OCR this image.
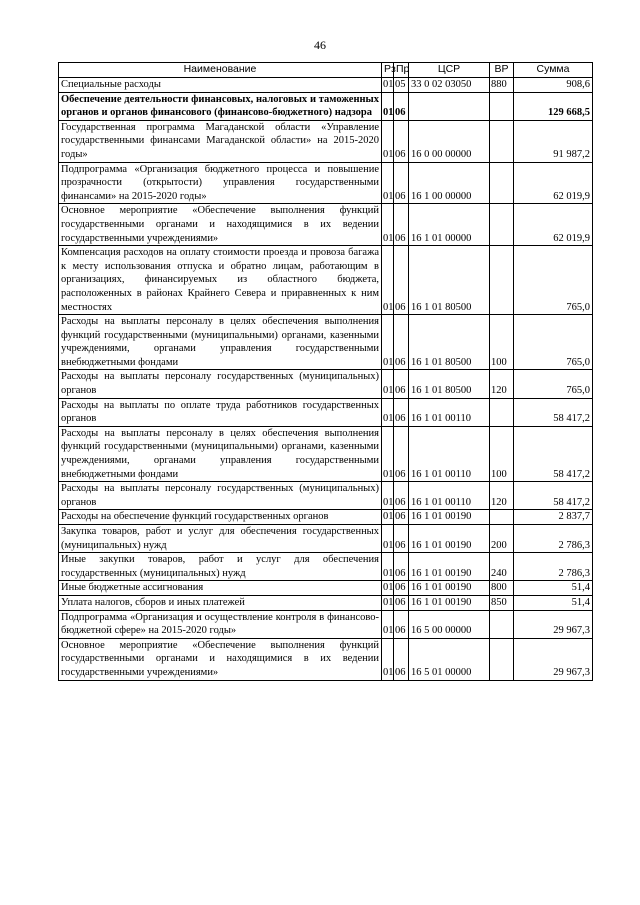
46
Наименование	Рз	Пр	ЦСР	ВР	Сумма
Специальные расходы	01	05	33 0 02 03050	880	908,6
Обеспечение деятельности финансовых, налоговых и таможенных органов и органов финансового (финансово-бюджетного) надзора	01	06			129 668,5
Государственная программа Магаданской области «Управление государственными финансами Магаданской области» на 2015-2020 годы»	01	06	16 0 00 00000		91 987,2
Подпрограмма «Организация бюджетного процесса и повышение прозрачности (открытости) управления государственными финансами» на 2015-2020 годы»	01	06	16 1 00 00000		62 019,9
Основное мероприятие «Обеспечение выполнения функций государственными органами и находящимися в их ведении государственными учреждениями»	01	06	16 1 01 00000		62 019,9
Компенсация расходов на оплату стоимости проезда и провоза багажа к месту использования отпуска и обратно лицам, работающим в организациях, финансируемых из областного бюджета, расположенных в районах Крайнего Севера и приравненных к ним местностях	01	06	16 1 01 80500		765,0
Расходы на выплаты персоналу в целях обеспечения выполнения функций государственными (муниципальными) органами, казенными учреждениями, органами управления государственными внебюджетными фондами	01	06	16 1 01 80500	100	765,0
Расходы на выплаты персоналу государственных (муниципальных) органов	01	06	16 1 01 80500	120	765,0
Расходы на выплаты по оплате труда работников государственных органов	01	06	16 1 01 00110		58 417,2
Расходы на выплаты персоналу в целях обеспечения выполнения функций государственными (муниципальными) органами, казенными учреждениями, органами управления государственными внебюджетными фондами	01	06	16 1 01 00110	100	58 417,2
Расходы на выплаты персоналу государственных (муниципальных) органов	01	06	16 1 01 00110	120	58 417,2
Расходы на обеспечение функций государственных органов	01	06	16 1 01 00190		2 837,7
Закупка товаров, работ и услуг для обеспечения государственных (муниципальных) нужд	01	06	16 1 01 00190	200	2 786,3
Иные закупки товаров, работ и услуг для обеспечения государственных (муниципальных) нужд	01	06	16 1 01 00190	240	2 786,3
Иные бюджетные ассигнования	01	06	16 1 01 00190	800	51,4
Уплата налогов, сборов и иных платежей	01	06	16 1 01 00190	850	51,4
Подпрограмма «Организация и осуществление контроля в финансово-бюджетной сфере» на 2015-2020 годы»	01	06	16 5 00 00000		29 967,3
Основное мероприятие «Обеспечение выполнения функций государственными органами и находящимися в их ведении государственными учреждениями»	01	06	16 5 01 00000		29 967,3
